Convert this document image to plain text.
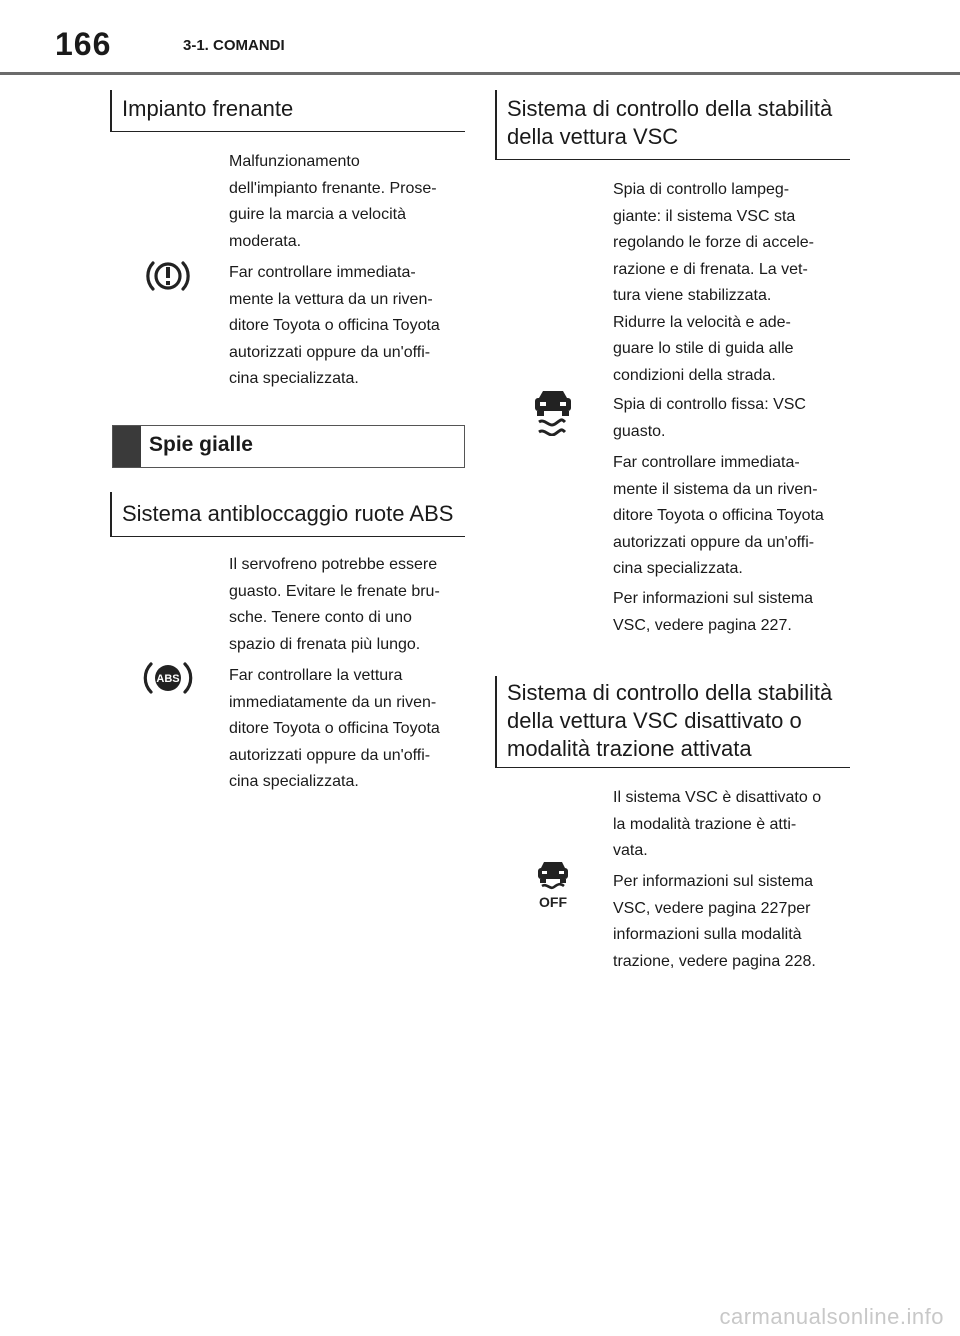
166	3-1. COMANDI
Impianto frenante

Malfunzionamento
dell'impianto frenante. Prose-
guire la marcia a velocità
moderata.

Far controllare immediata-
mente la vettura da un riven-
ditore Toyota o officina Toyota
autorizzati oppure da un'offi-
cina specializzata.

Spie gialle
Sistema antibloccaggio ruote ABS
ABS

Il servofreno potrebbe essere
guasto. Evitare le frenate bru-
sche. Tenere conto di uno
spazio di frenata più lungo.

Far controllare la vettura
immediatamente da un riven-
ditore Toyota o officina Toyota
autorizzati oppure da un'offi-
cina specializzata.

Sistema di controllo della stabilità
della vettura VSC

Spia di controllo lampeg-
giante: il sistema VSC sta
regolando le forze di accele-
razione e di frenata. La vet-
tura viene stabilizzata.
Ridurre la velocità e ade-
guare lo stile di guida alle
condizioni della strada.

Spia di controllo fissa: VSC
guasto.

Far controllare immediata-
mente il sistema da un riven-
ditore Toyota o officina Toyota
autorizzati oppure da un'offi-
cina specializzata.

Per informazioni sul sistema
VSC, vedere pagina 227.

Sistema di controllo della stabilità
della vettura VSC disattivato o
modalità trazione attivata
OFF

Il sistema VSC è disattivato o
la modalità trazione è atti-
vata.

Per informazioni sul sistema
VSC, vedere pagina 227per
informazioni sulla modalità
trazione, vedere pagina 228.

carmanualsonline.info
